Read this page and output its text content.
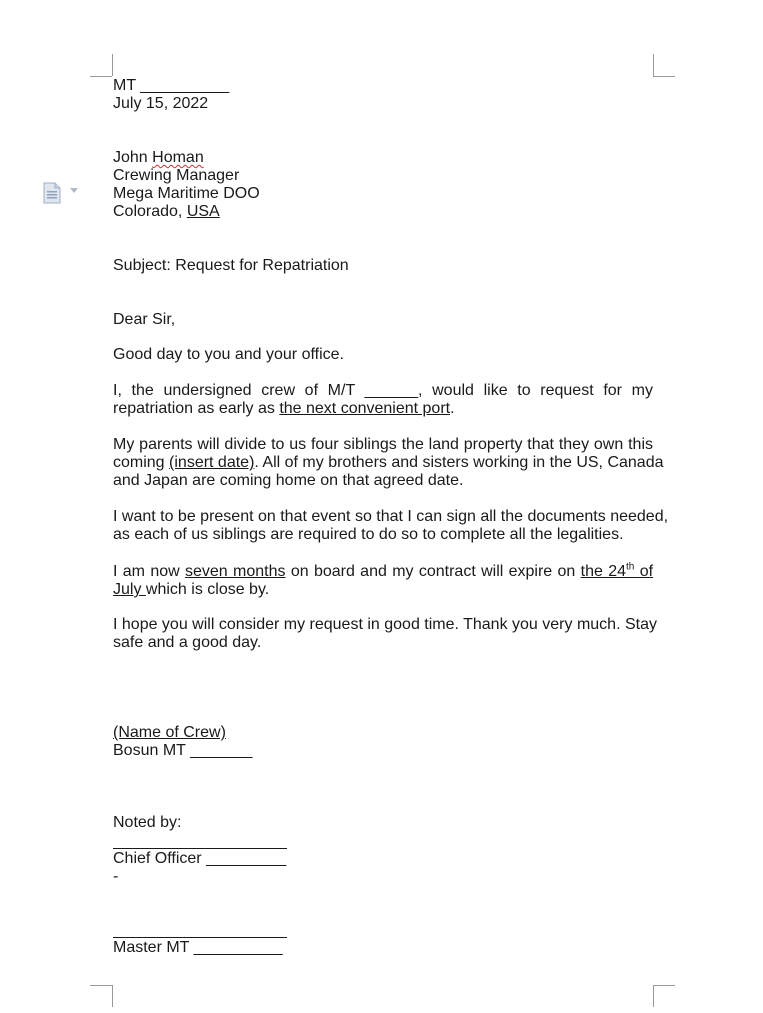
MT __________
July 15, 2022
John Homan
Crewing Manager
Mega Maritime DOO
Colorado, USA
Subject: Request for Repatriation
Dear Sir,
Good day to you and your office.
I, the undersigned crew of M/T ______, would like to request for my
repatriation as early as the next convenient port.
My parents will divide to us four siblings the land property that they own this
coming (insert date). All of my brothers and sisters working in the US, Canada
and Japan are coming home on that agreed date.
I want to be present on that event so that I can sign all the documents needed,
as each of us siblings are required to do so to complete all the legalities.
I am now seven months on board and my contract will expire on the 24th of
July which is close by.
I hope you will consider my request in good time. Thank you very much. Stay
safe and a good day.
(Name of Crew)
Bosun MT _______
Noted by:
Chief Officer _________
-
Master MT __________
